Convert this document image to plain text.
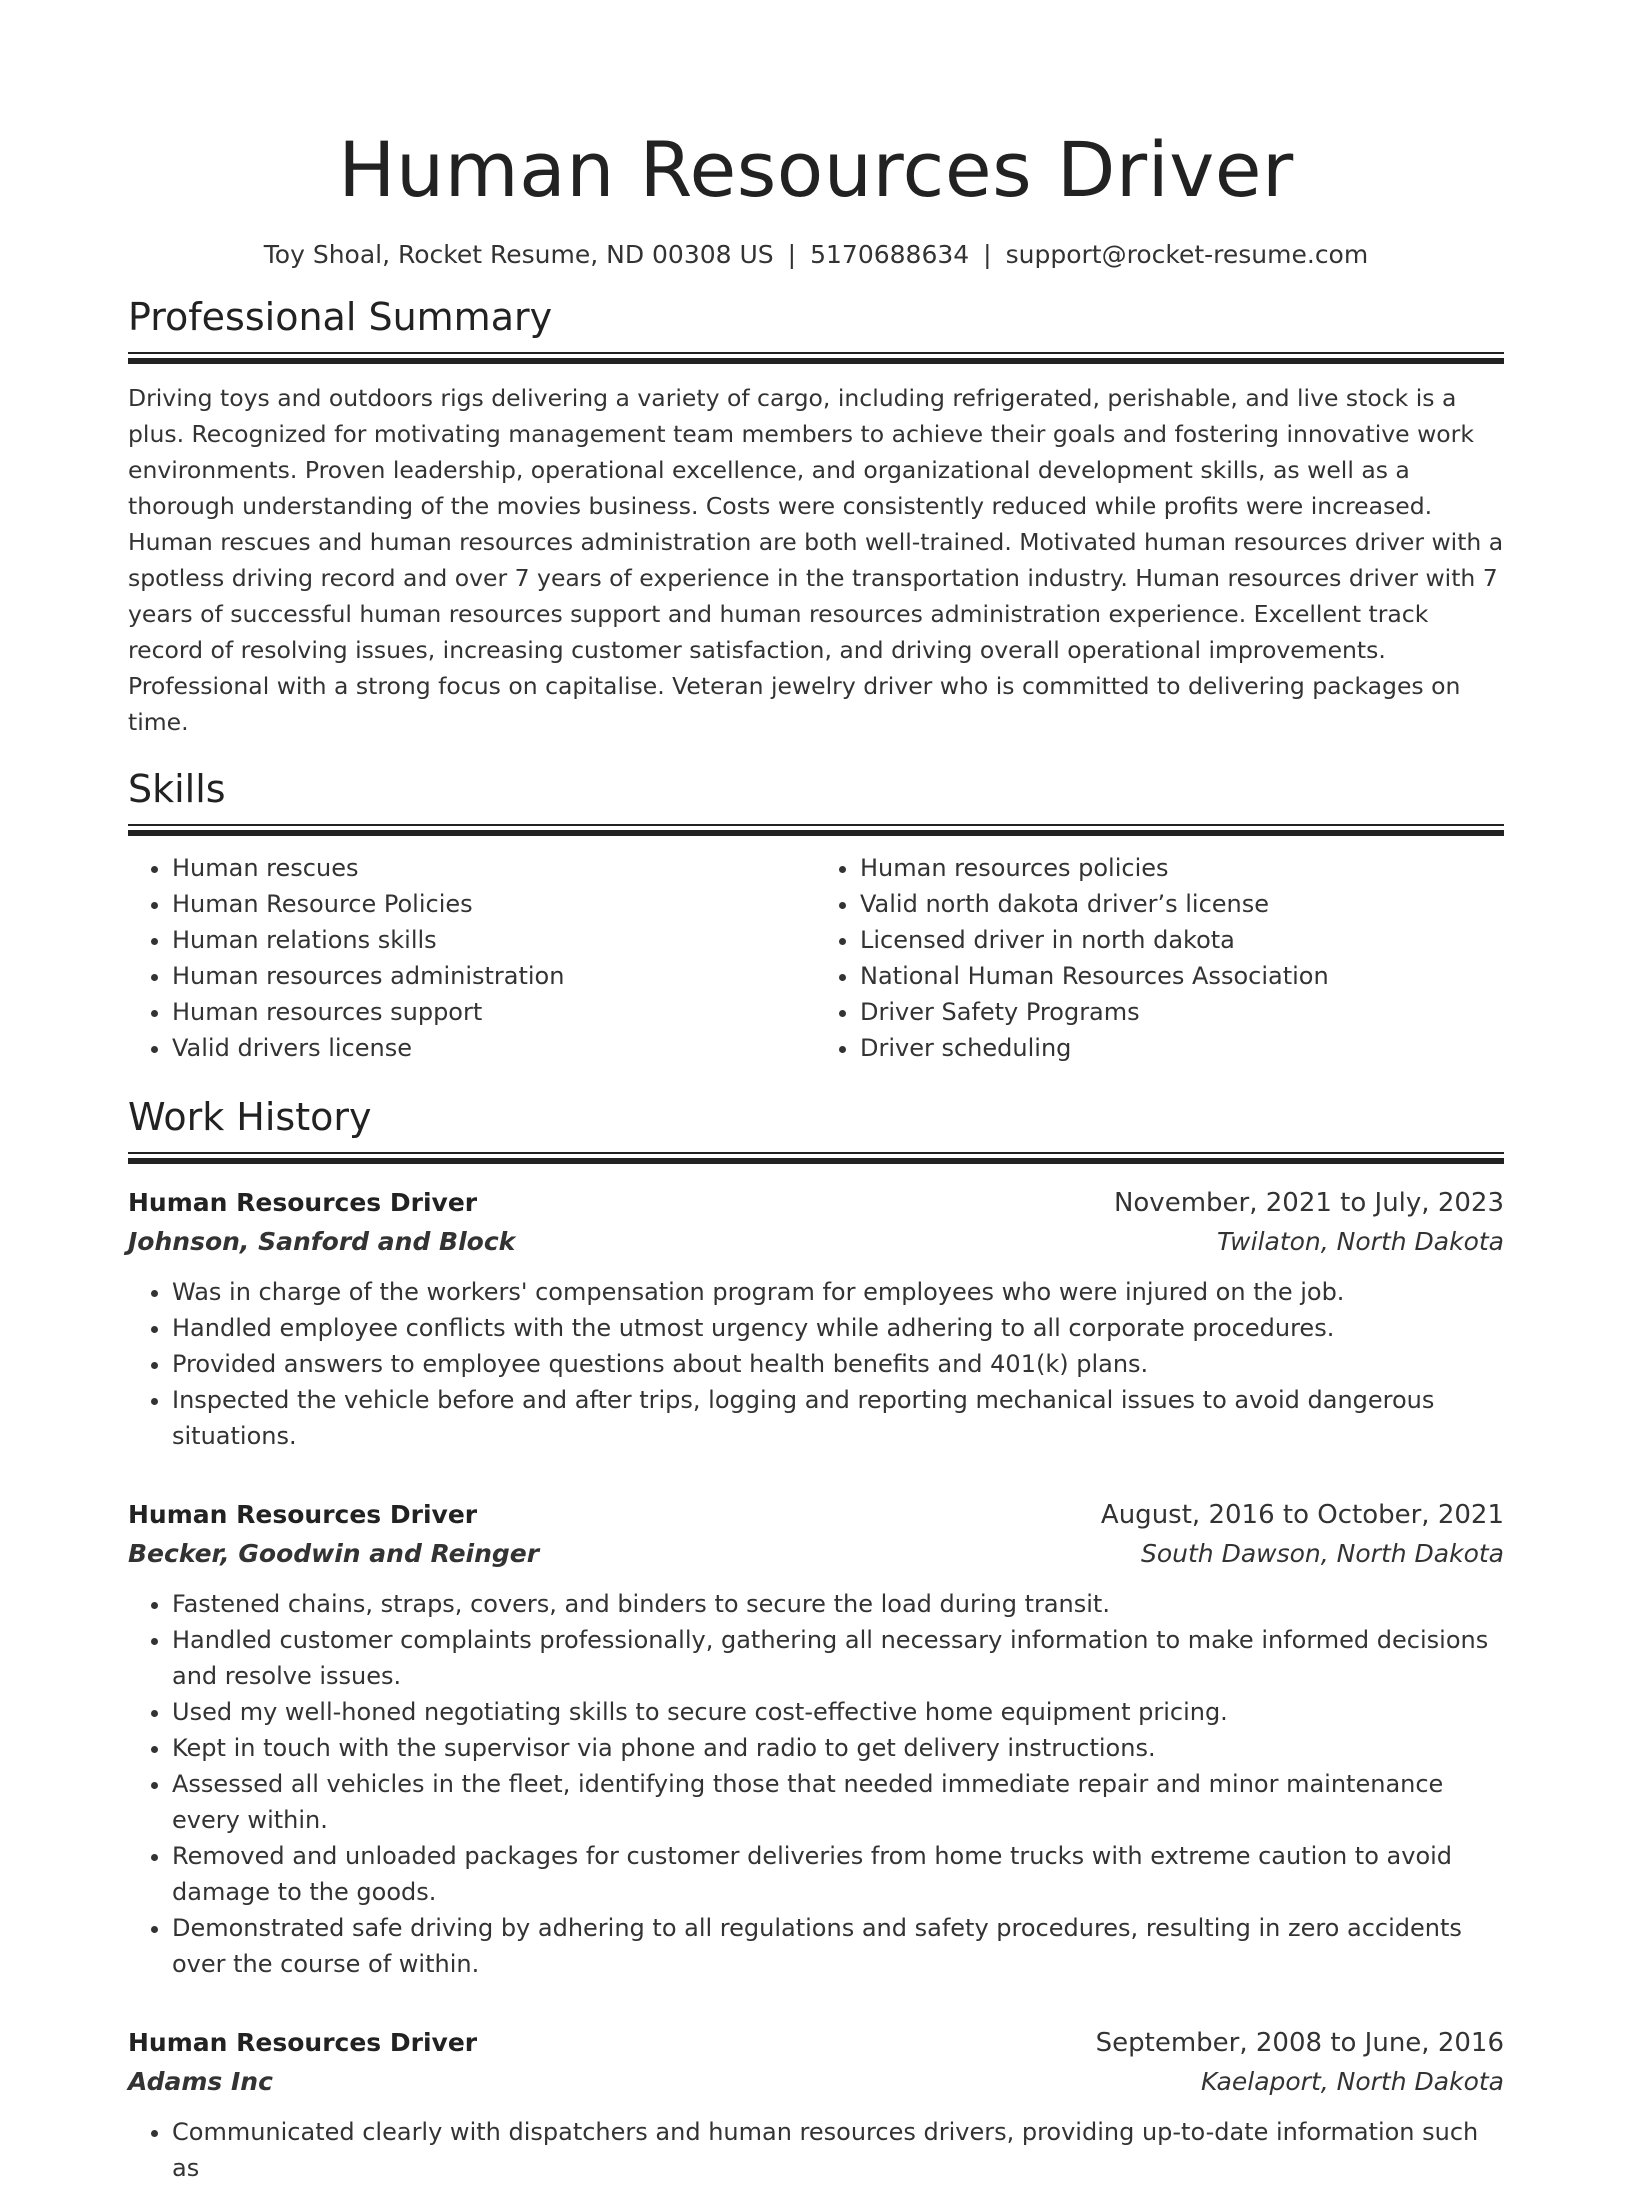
Human Resources Driver
Toy Shoal, Rocket Resume, ND 00308 US | 5170688634 | support@rocket-resume.com
Professional Summary
Driving toys and outdoors rigs delivering a variety of cargo, including refrigerated, perishable, and live stock is a plus. Recognized for motivating management team members to achieve their goals and fostering innovative work environments. Proven leadership, operational excellence, and organizational development skills, as well as a thorough understanding of the movies business. Costs were consistently reduced while profits were increased. Human rescues and human resources administration are both well-trained. Motivated human resources driver with a spotless driving record and over 7 years of experience in the transportation industry. Human resources driver with 7 years of successful human resources support and human resources administration experience. Excellent track record of resolving issues, increasing customer satisfaction, and driving overall operational improvements. Professional with a strong focus on capitalise. Veteran jewelry driver who is committed to delivering packages on time.
Skills
• Human rescues
• Human Resource Policies
• Human relations skills
• Human resources administration
• Human resources support
• Valid drivers license
• Human resources policies
• Valid north dakota driver’s license
• Licensed driver in north dakota
• National Human Resources Association
• Driver Safety Programs
• Driver scheduling
Work History
Human Resources Driver	November, 2021 to July, 2023
Johnson, Sanford and Block	Twilaton, North Dakota
• Was in charge of the workers' compensation program for employees who were injured on the job.
• Handled employee conflicts with the utmost urgency while adhering to all corporate procedures.
• Provided answers to employee questions about health benefits and 401(k) plans.
• Inspected the vehicle before and after trips, logging and reporting mechanical issues to avoid dangerous situations.
Human Resources Driver	August, 2016 to October, 2021
Becker, Goodwin and Reinger	South Dawson, North Dakota
• Fastened chains, straps, covers, and binders to secure the load during transit.
• Handled customer complaints professionally, gathering all necessary information to make informed decisions and resolve issues.
• Used my well-honed negotiating skills to secure cost-effective home equipment pricing.
• Kept in touch with the supervisor via phone and radio to get delivery instructions.
• Assessed all vehicles in the fleet, identifying those that needed immediate repair and minor maintenance every within.
• Removed and unloaded packages for customer deliveries from home trucks with extreme caution to avoid damage to the goods.
• Demonstrated safe driving by adhering to all regulations and safety procedures, resulting in zero accidents over the course of within.
Human Resources Driver	September, 2008 to June, 2016
Adams Inc	Kaelaport, North Dakota
• Communicated clearly with dispatchers and human resources drivers, providing up-to-date information such as
